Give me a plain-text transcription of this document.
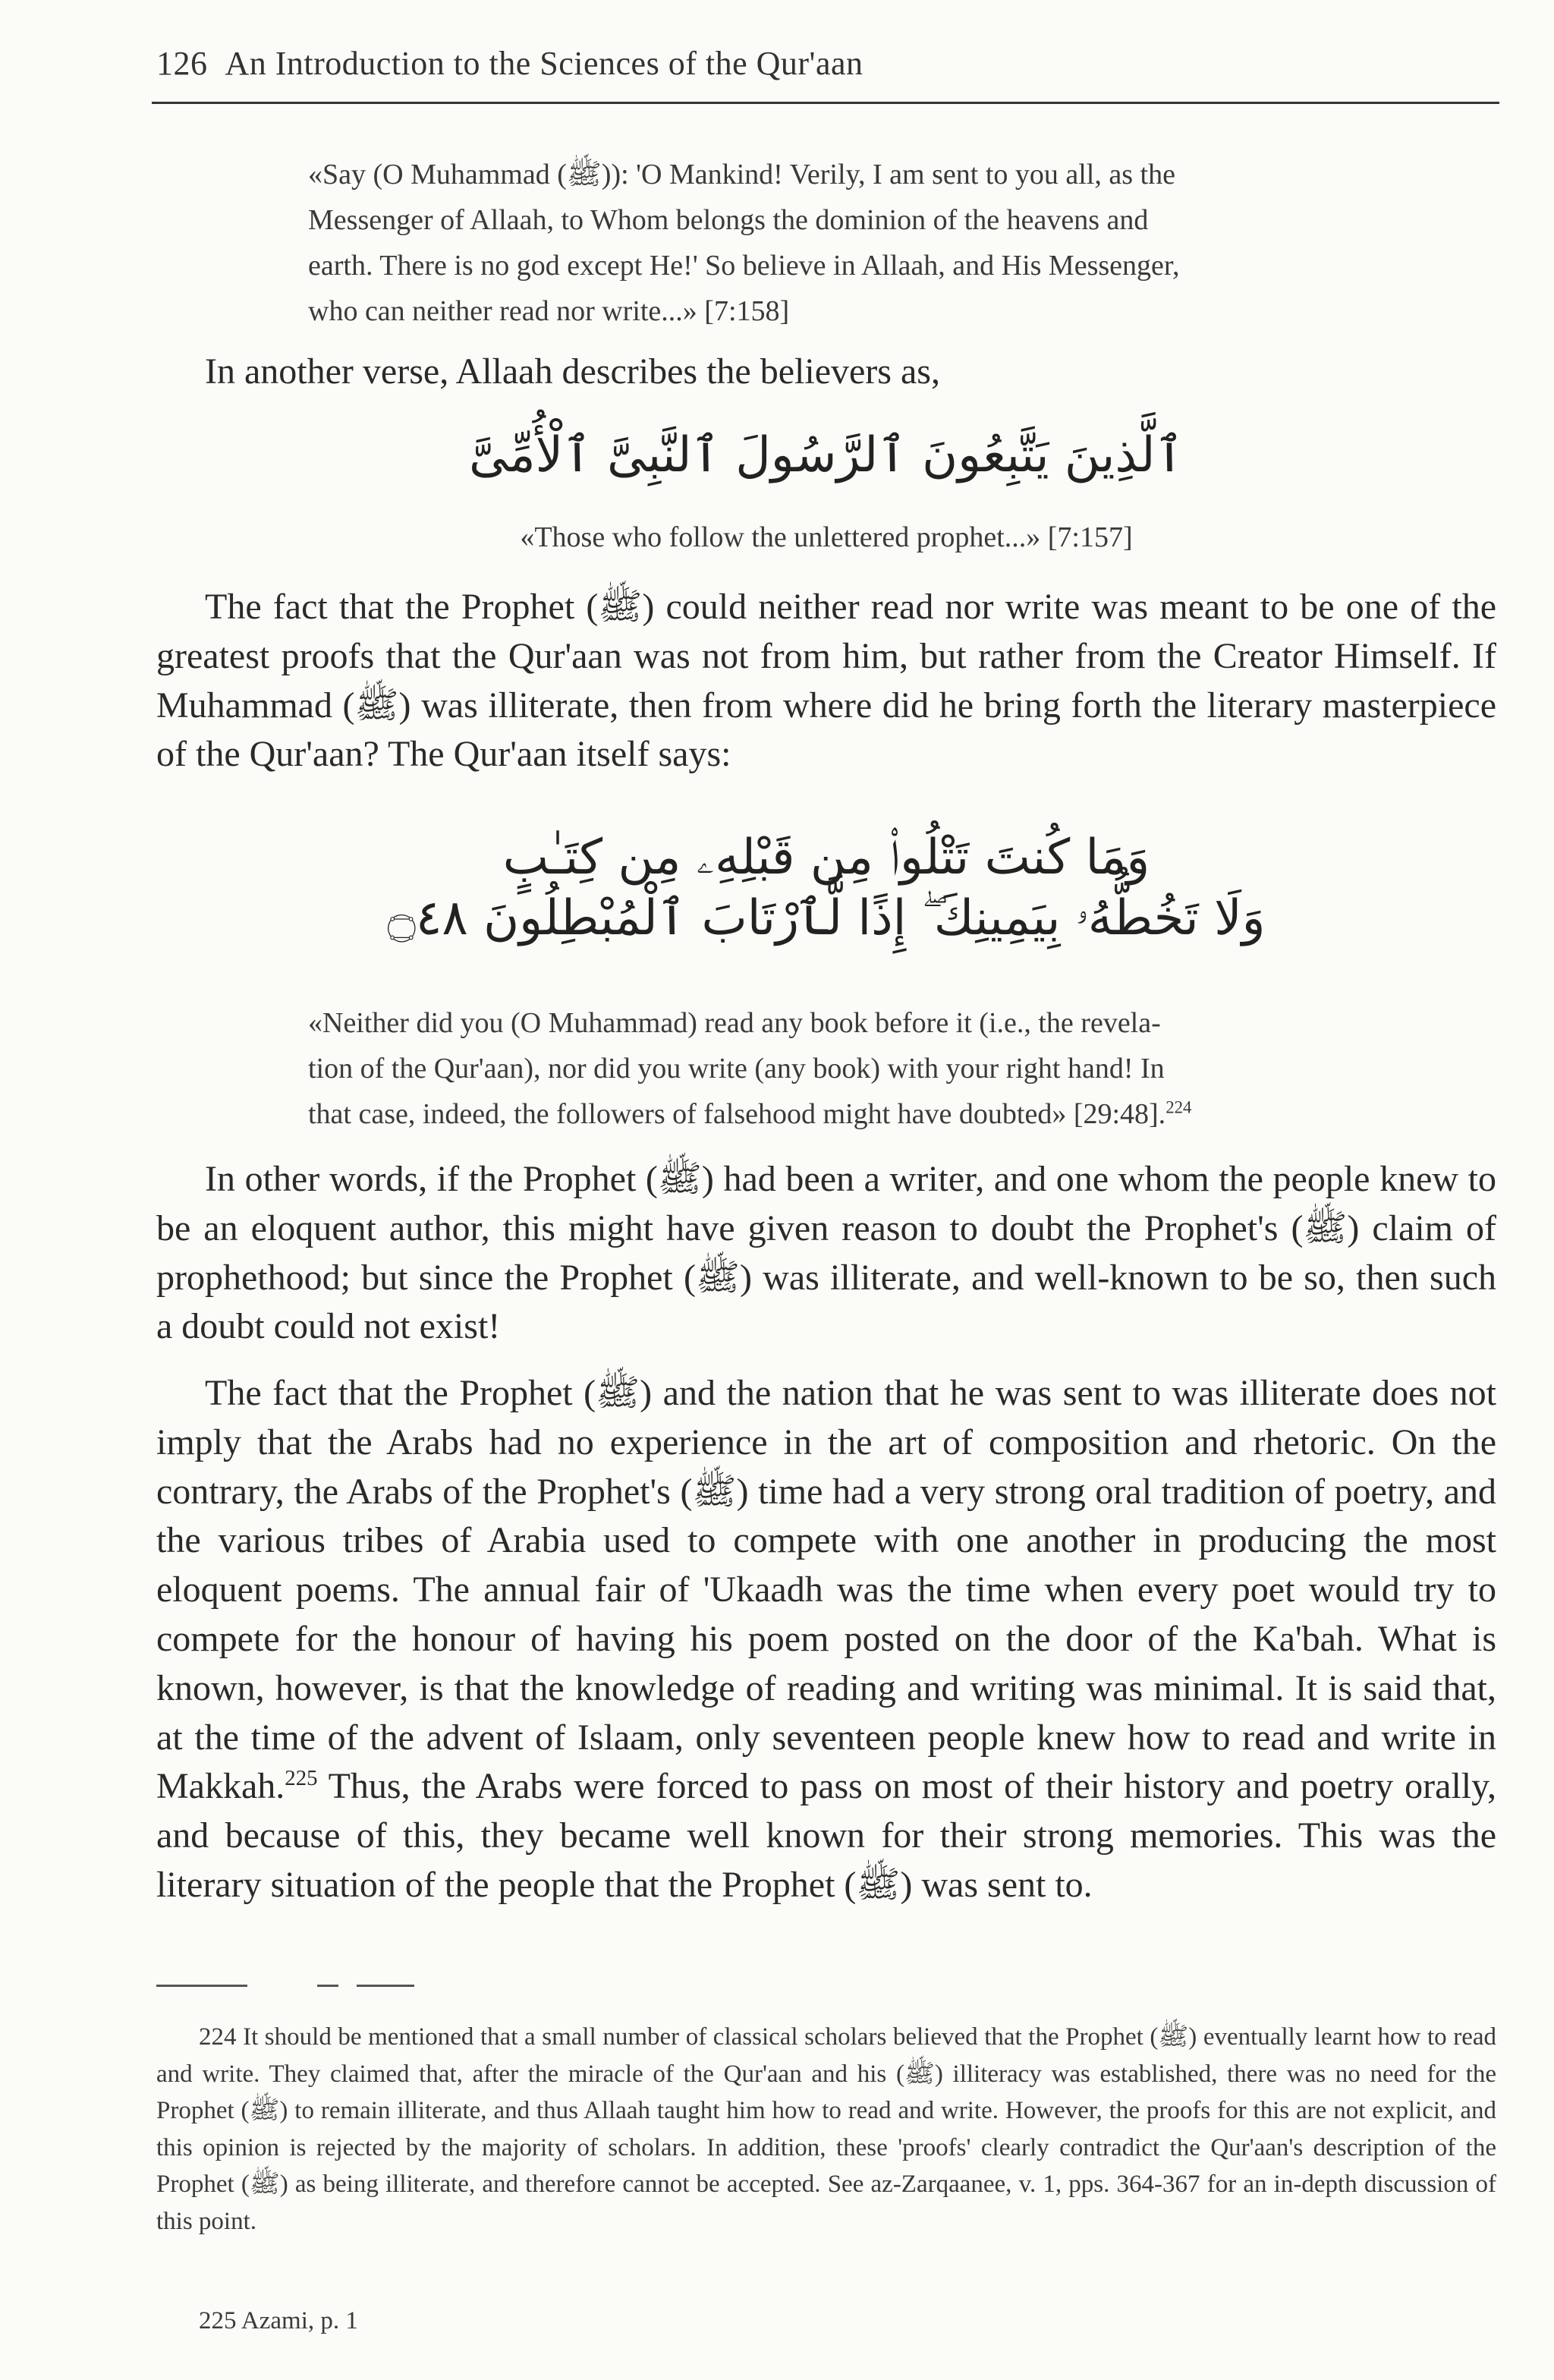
126 An Introduction to the Sciences of the Qur'aan
«Say (O Muhammad (ﷺ)): 'O Mankind! Verily, I am sent to you all, as the
Messenger of Allaah, to Whom belongs the dominion of the heavens and
earth. There is no god except He!' So believe in Allaah, and His Messenger,
who can neither read nor write...» [7:158]
In another verse, Allaah describes the believers as,
ٱلَّذِينَ يَتَّبِعُونَ ٱلرَّسُولَ ٱلنَّبِىَّ ٱلْأُمِّىَّ
«Those who follow the unlettered prophet...» [7:157]
The fact that the Prophet (ﷺ) could neither read nor write was meant to be one of the greatest proofs that the Qur'aan was not from him, but rather from the Creator Himself. If Muhammad (ﷺ) was illiterate, then from where did he bring forth the literary masterpiece of the Qur'aan? The Qur'aan itself says:
وَمَا كُنتَ تَتْلُوا۟ مِن قَبْلِهِۦ مِن كِتَـٰبٍ
وَلَا تَخُطُّهُۥ بِيَمِينِكَ ۖ إِذًا لَّٱرْتَابَ ٱلْمُبْطِلُونَ ۝٤٨
«Neither did you (O Muhammad) read any book before it (i.e., the revela-
tion of the Qur'aan), nor did you write (any book) with your right hand! In
that case, indeed, the followers of falsehood might have doubted» [29:48].$^{224}$
In other words, if the Prophet (ﷺ) had been a writer, and one whom the people knew to be an eloquent author, this might have given reason to doubt the Prophet's (ﷺ) claim of prophethood; but since the Prophet (ﷺ) was illiterate, and well-known to be so, then such a doubt could not exist!
The fact that the Prophet (ﷺ) and the nation that he was sent to was illiterate does not imply that the Arabs had no experience in the art of composition and rhetoric. On the contrary, the Arabs of the Prophet's (ﷺ) time had a very strong oral tradition of poetry, and the various tribes of Arabia used to compete with one another in producing the most eloquent poems. The annual fair of 'Ukaadh was the time when every poet would try to compete for the honour of having his poem posted on the door of the Ka'bah. What is known, however, is that the knowledge of reading and writing was minimal. It is said that, at the time of the advent of Islaam, only seventeen people knew how to read and write in Makkah.$^{225}$ Thus, the Arabs were forced to pass on most of their history and poetry orally, and because of this, they became well known for their strong memories. This was the literary situation of the people that the Prophet (ﷺ) was sent to.
224 It should be mentioned that a small number of classical scholars believed that the Prophet (ﷺ) eventually learnt how to read and write. They claimed that, after the miracle of the Qur'aan and his (ﷺ) illiteracy was established, there was no need for the Prophet (ﷺ) to remain illiterate, and thus Allaah taught him how to read and write. However, the proofs for this are not explicit, and this opinion is rejected by the majority of scholars. In addition, these 'proofs' clearly contradict the Qur'aan's description of the Prophet (ﷺ) as being illiterate, and therefore cannot be accepted. See az-Zarqaanee, v. 1, pps. 364-367 for an in-depth discussion of this point.
225 Azami, p. 1
